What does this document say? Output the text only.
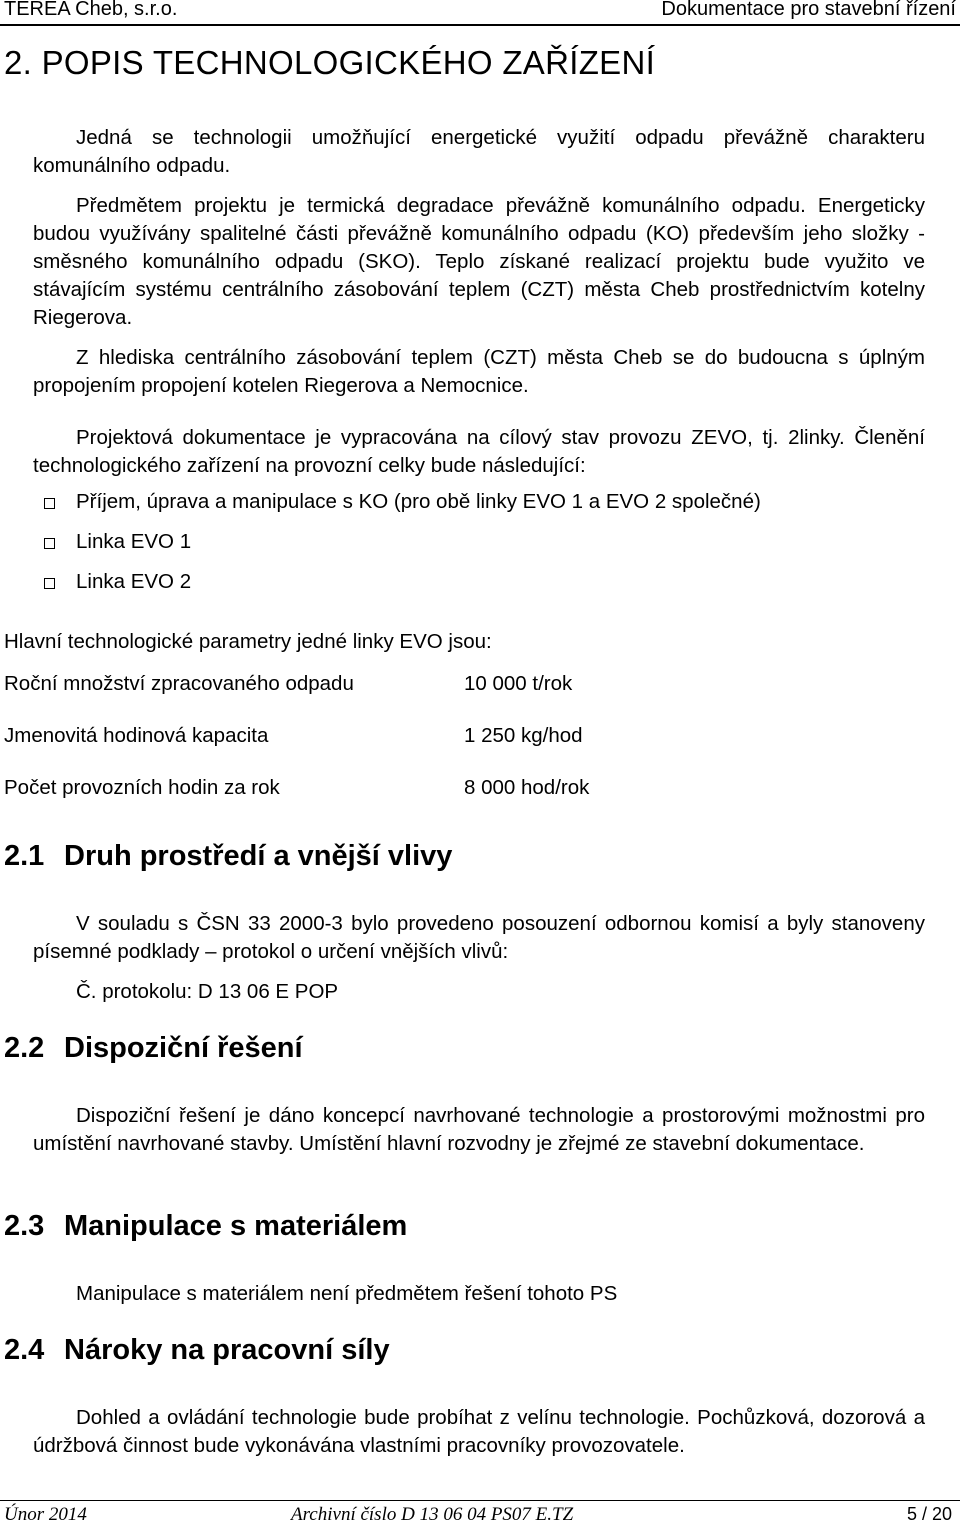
TEREA Cheb, s.r.o.	Dokumentace pro stavební řízení
2. POPIS TECHNOLOGICKÉHO ZAŘÍZENÍ

Jedná se technologii umožňující energetické využití odpadu převážně charakteru komunálního odpadu.

Předmětem projektu je termická degradace převážně komunálního odpadu. Energeticky budou využívány spalitelné části převážně komunálního odpadu (KO) především jeho složky - směsného komunálního odpadu (SKO). Teplo získané realizací projektu bude využito ve stávajícím systému centrálního zásobování teplem (CZT) města Cheb prostřednictvím kotelny Riegerova.

Z hlediska centrálního zásobování teplem (CZT) města Cheb se do budoucna s úplným propojením propojení kotelen Riegerova a Nemocnice.

Projektová dokumentace je vypracována na cílový stav provozu ZEVO, tj. 2linky. Členění technologického zařízení na provozní celky bude následující:

Příjem, úprava a manipulace s KO (pro obě linky EVO 1 a EVO 2 společné)
Linka EVO 1
Linka EVO 2
Hlavní technologické parametry jedné linky EVO jsou:
Roční množství zpracovaného odpadu	10 000 t/rok
Jmenovitá hodinová kapacita	1 250 kg/hod
Počet provozních hodin za rok	8 000 hod/rok
2.1 Druh prostředí a vnější vlivy

V souladu s ČSN 33 2000-3 bylo provedeno posouzení odbornou komisí a byly stanoveny písemné podklady – protokol o určení vnějších vlivů:

Č. protokolu: D 13 06 E POP
2.2 Dispoziční řešení

Dispoziční řešení je dáno koncepcí navrhované technologie a prostorovými možnostmi pro umístění navrhované stavby. Umístění hlavní rozvodny je zřejmé ze stavební dokumentace.

2.3 Manipulace s materiálem

Manipulace s materiálem není předmětem řešení tohoto PS

2.4 Nároky na pracovní síly

Dohled a ovládání technologie bude probíhat z velínu technologie. Pochůzková, dozorová a údržbová činnost bude vykonávána vlastními pracovníky provozovatele.

Únor 2014	Archivní číslo D 13 06 04 PS07 E.TZ	5 / 20
